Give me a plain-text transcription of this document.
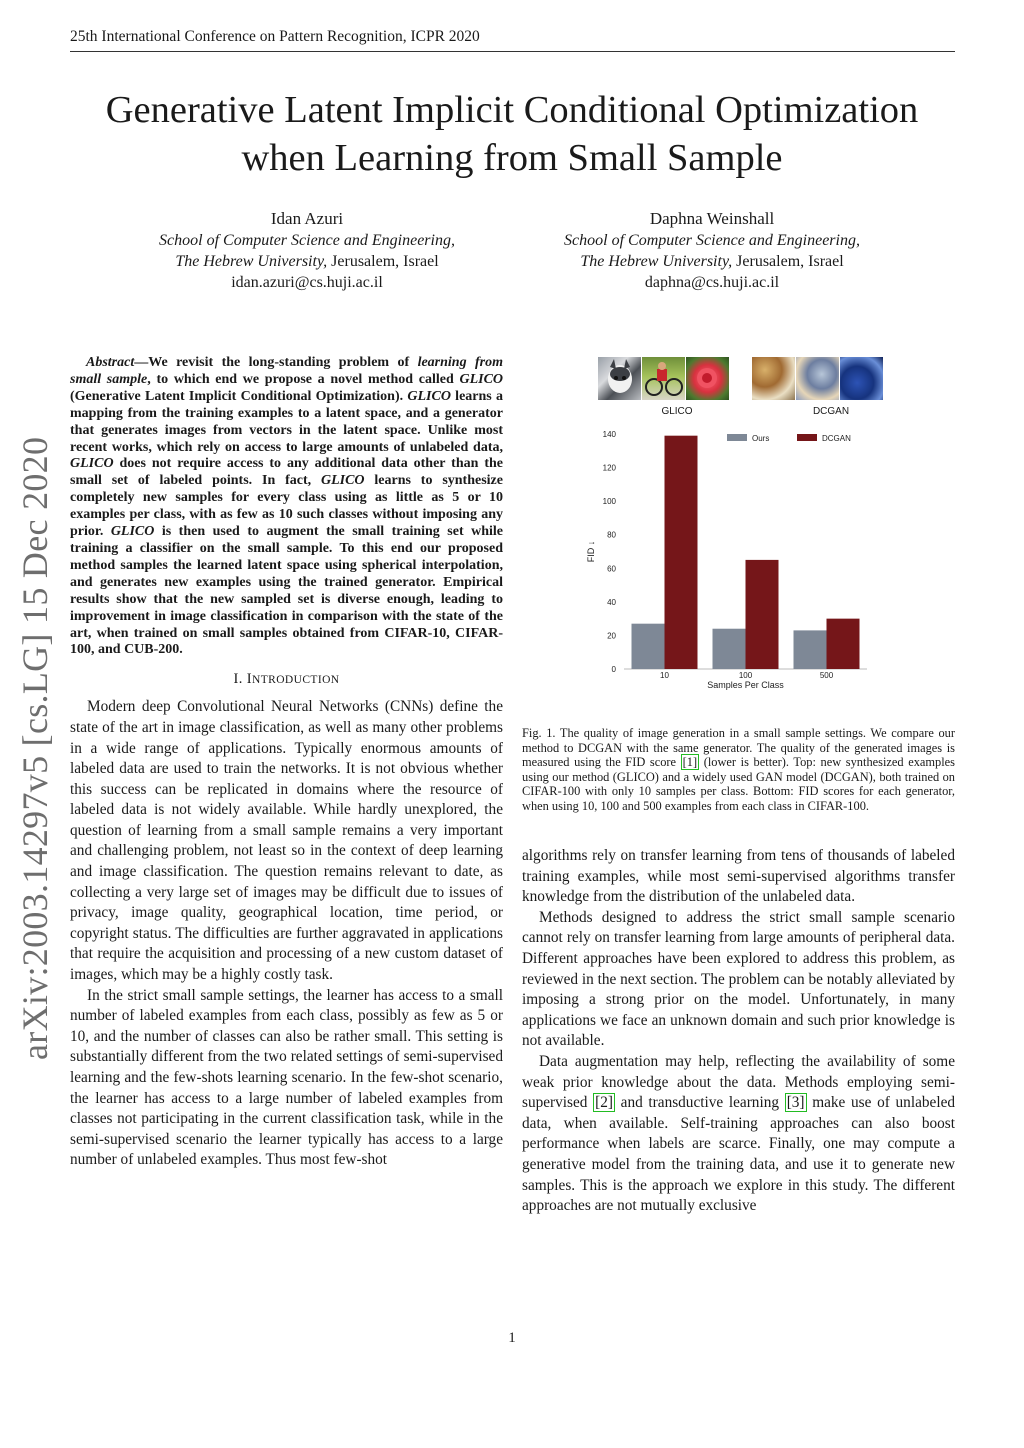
25th International Conference on Pattern Recognition, ICPR 2020
Generative Latent Implicit Conditional Optimization
when Learning from Small Sample
Idan Azuri
School of Computer Science and Engineering,
The Hebrew University, Jerusalem, Israel
idan.azuri@cs.huji.ac.il
Daphna Weinshall
School of Computer Science and Engineering,
The Hebrew University, Jerusalem, Israel
daphna@cs.huji.ac.il
arXiv:2003.14297v5 [cs.LG] 15 Dec 2020

Abstract—We revisit the long-standing problem of learning from small sample, to which end we propose a novel method called GLICO (Generative Latent Implicit Conditional Optimization). GLICO learns a mapping from the training examples to a latent space, and a generator that generates images from vectors in the latent space. Unlike most recent works, which rely on access to large amounts of unlabeled data, GLICO does not require access to any additional data other than the small set of labeled points. In fact, GLICO learns to synthesize completely new samples for every class using as little as 5 or 10 examples per class, with as few as 10 such classes without imposing any prior. GLICO is then used to augment the small training set while training a classifier on the small sample. To this end our proposed method samples the learned latent space using spherical interpolation, and generates new examples using the trained generator. Empirical results show that the new sampled set is diverse enough, leading to improvement in image classification in comparison with the state of the art, when trained on small samples obtained from CIFAR-10, CIFAR-100, and CUB-200.

I. INTRODUCTION

Modern deep Convolutional Neural Networks (CNNs) define the state of the art in image classification, as well as many other problems in a wide range of applications. Typically enormous amounts of labeled data are used to train the networks. It is not obvious whether this success can be replicated in domains where the resource of labeled data is not widely available. While hardly unexplored, the question of learning from a small sample remains a very important and challenging problem, not least so in the context of deep learning and image classification. The question remains relevant to date, as collecting a very large set of images may be difficult due to issues of privacy, image quality, geographical location, time period, or copyright status. The difficulties are further aggravated in applications that require the acquisition and processing of a new custom dataset of images, which may be a highly costly task.

In the strict small sample settings, the learner has access to a small number of labeled examples from each class, possibly as few as 5 or 10, and the number of classes can also be rather small. This setting is substantially different from the two related settings of semi-supervised learning and the few-shots learning scenario. In the few-shot scenario, the learner has access to a large number of labeled examples from classes not participating in the current classification task, while in the semi-supervised scenario the learner typically has access to a large number of unlabeled examples. Thus most few-shot

GLICO	DCGAN
0
20
40
60
80
100
120
140
FID ↓
10	100	500
Samples Per Class
Ours	DCGAN

Fig. 1. The quality of image generation in a small sample settings. We compare our method to DCGAN with the same generator. The quality of the generated images is measured using the FID score [1] (lower is better). Top: new synthesized examples using our method (GLICO) and a widely used GAN model (DCGAN), both trained on CIFAR-100 with only 10 samples per class. Bottom: FID scores for each generator, when using 10, 100 and 500 examples from each class in CIFAR-100.

algorithms rely on transfer learning from tens of thousands of labeled training examples, while most semi-supervised algorithms transfer knowledge from the distribution of the unlabeled data.

Methods designed to address the strict small sample scenario cannot rely on transfer learning from large amounts of peripheral data. Different approaches have been explored to address this problem, as reviewed in the next section. The problem can be notably alleviated by imposing a strong prior on the model. Unfortunately, in many applications we face an unknown domain and such prior knowledge is not available.

Data augmentation may help, reflecting the availability of some weak prior knowledge about the data. Methods employing semi-supervised [2] and transductive learning [3] make use of unlabeled data, when available. Self-training approaches can also boost performance when labels are scarce. Finally, one may compute a generative model from the training data, and use it to generate new samples. This is the approach we explore in this study. The different approaches are not mutually exclusive

1
